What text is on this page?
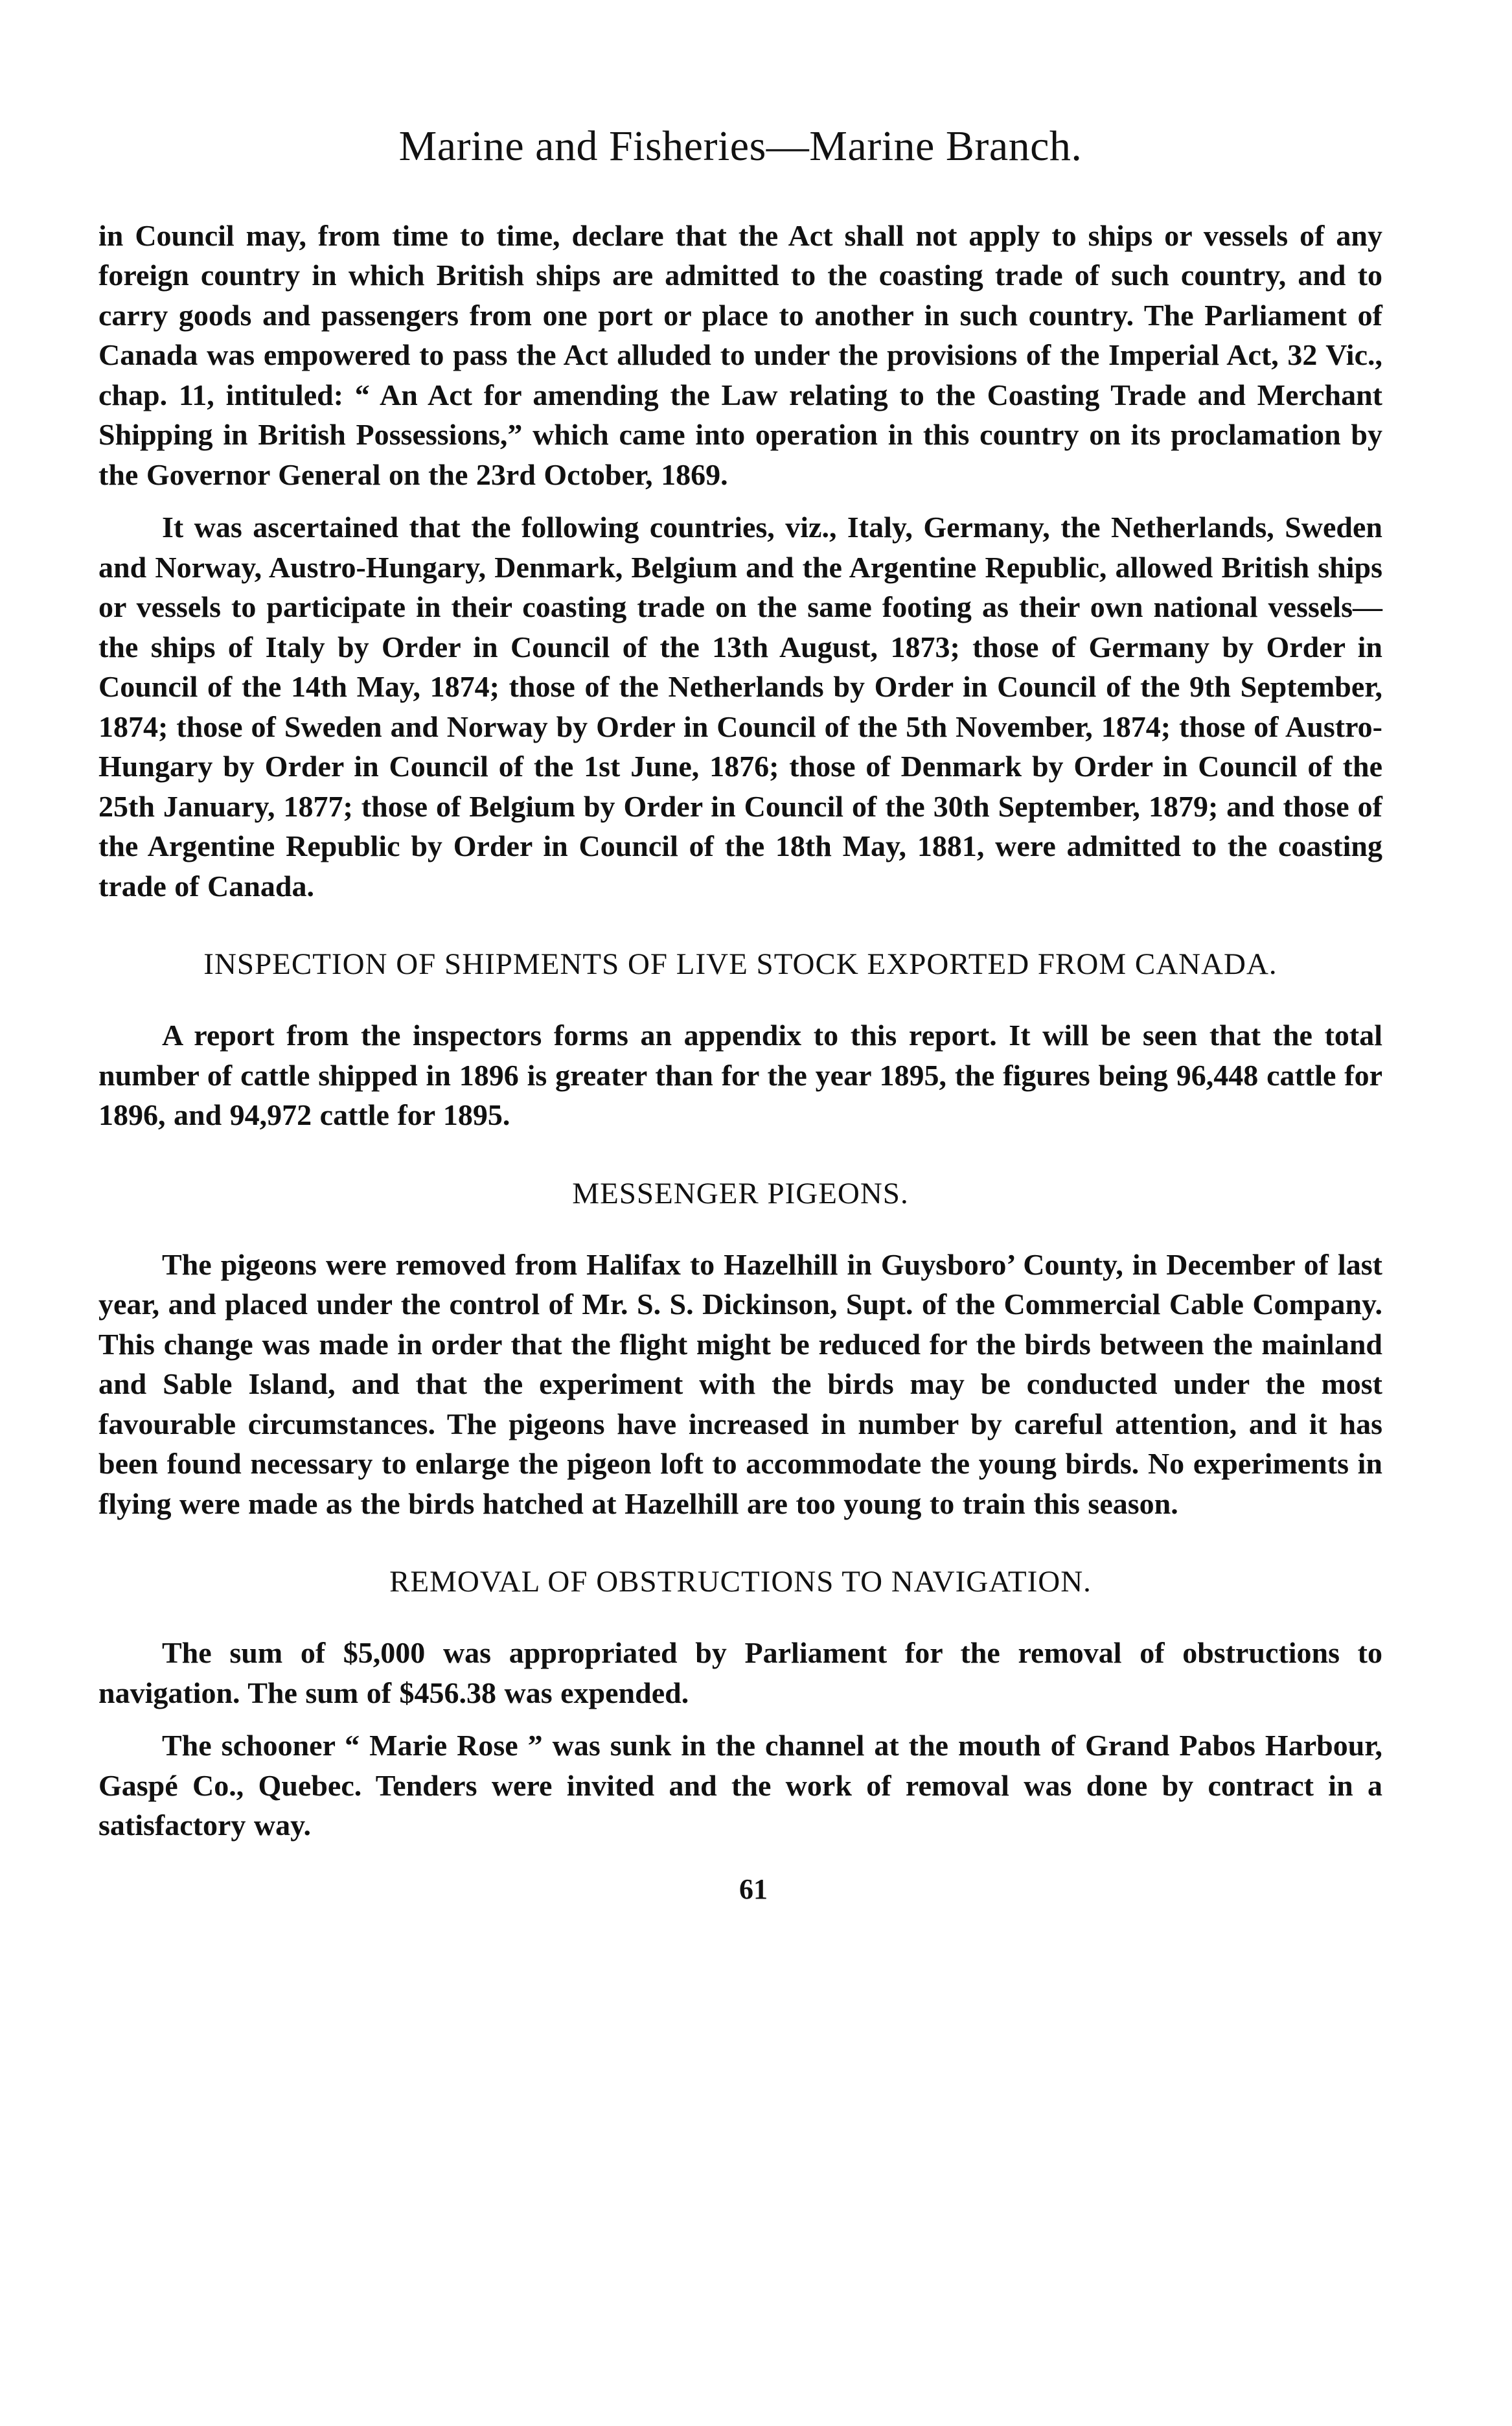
Marine and Fisheries—Marine Branch.

in Council may, from time to time, declare that the Act shall not apply to ships or vessels of any foreign country in which British ships are admitted to the coasting trade of such country, and to carry goods and passengers from one port or place to another in such country. The Parliament of Canada was empowered to pass the Act alluded to under the provisions of the Imperial Act, 32 Vic., chap. 11, intituled: “ An Act for amending the Law relating to the Coasting Trade and Merchant Shipping in British Possessions,” which came into operation in this country on its proclamation by the Governor General on the 23rd October, 1869.

It was ascertained that the following countries, viz., Italy, Germany, the Netherlands, Sweden and Norway, Austro-Hungary, Denmark, Belgium and the Argentine Republic, allowed British ships or vessels to participate in their coasting trade on the same footing as their own national vessels—the ships of Italy by Order in Council of the 13th August, 1873; those of Germany by Order in Council of the 14th May, 1874; those of the Netherlands by Order in Council of the 9th September, 1874; those of Sweden and Norway by Order in Council of the 5th November, 1874; those of Austro-Hungary by Order in Council of the 1st June, 1876; those of Denmark by Order in Council of the 25th January, 1877; those of Belgium by Order in Council of the 30th September, 1879; and those of the Argentine Republic by Order in Council of the 18th May, 1881, were admitted to the coasting trade of Canada.

INSPECTION OF SHIPMENTS OF LIVE STOCK EXPORTED FROM CANADA.

A report from the inspectors forms an appendix to this report. It will be seen that the total number of cattle shipped in 1896 is greater than for the year 1895, the figures being 96,448 cattle for 1896, and 94,972 cattle for 1895.

MESSENGER PIGEONS.

The pigeons were removed from Halifax to Hazelhill in Guysboro’ County, in December of last year, and placed under the control of Mr. S. S. Dickinson, Supt. of the Commercial Cable Company. This change was made in order that the flight might be reduced for the birds between the mainland and Sable Island, and that the experiment with the birds may be conducted under the most favourable circumstances. The pigeons have increased in number by careful attention, and it has been found necessary to enlarge the pigeon loft to accommodate the young birds. No experiments in flying were made as the birds hatched at Hazelhill are too young to train this season.

REMOVAL OF OBSTRUCTIONS TO NAVIGATION.

The sum of $5,000 was appropriated by Parliament for the removal of obstructions to navigation. The sum of $456.38 was expended.

The schooner “ Marie Rose ” was sunk in the channel at the mouth of Grand Pabos Harbour, Gaspé Co., Quebec. Tenders were invited and the work of removal was done by contract in a satisfactory way.

61
